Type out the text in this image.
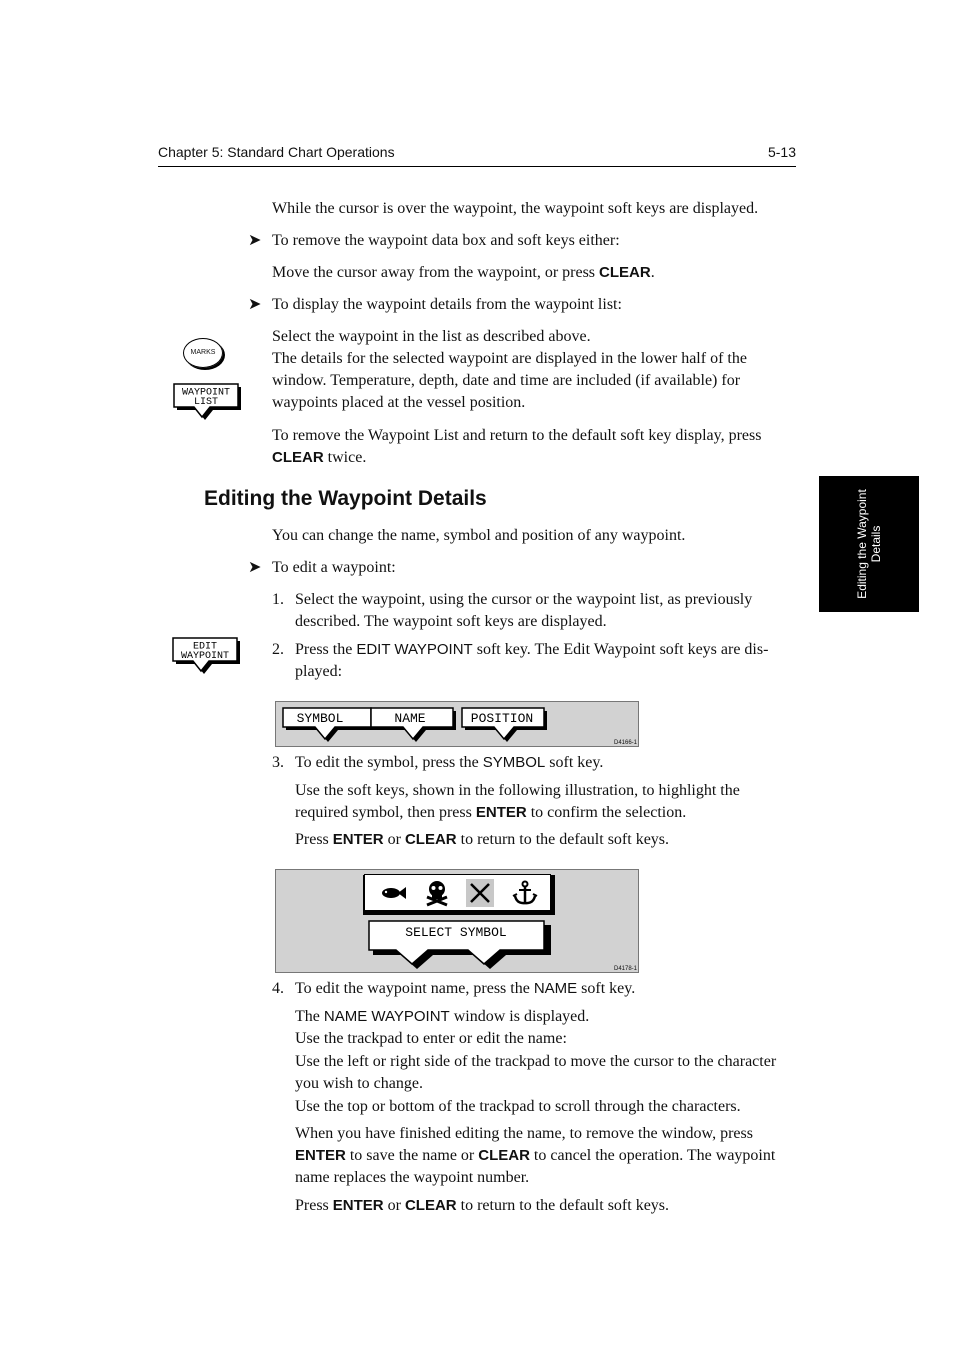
Chapter 5: Standard Chart Operations	5-13
Editing the Waypoint Details
While the cursor is over the waypoint, the waypoint soft keys are displayed.
➤ To remove the waypoint data box and soft keys either:
Move the cursor away from the waypoint, or press CLEAR.
➤ To display the waypoint details from the waypoint list:
MARKS
WAYPOINT
LIST
Select the waypoint in the list as described above.
The details for the selected waypoint are displayed in the lower half of the window. Temperature, depth, date and time are included (if available) for waypoints placed at the vessel position.
To remove the Waypoint List and return to the default soft key display, press CLEAR twice.
Editing the Waypoint Details
You can change the name, symbol and position of any waypoint.
➤ To edit a waypoint:
1. Select the waypoint, using the cursor or the waypoint list, as previously described. The waypoint soft keys are displayed.
EDIT
WAYPOINT	2. Press the EDIT WAYPOINT soft key. The Edit Waypoint soft keys are dis-played:
SYMBOL	NAME	POSITION
D4166-1
3. To edit the symbol, press the SYMBOL soft key.
Use the soft keys, shown in the following illustration, to highlight the required symbol, then press ENTER to confirm the selection.
Press ENTER or CLEAR to return to the default soft keys.
SELECT SYMBOL
D4178-1
4. To edit the waypoint name, press the NAME soft key.
The NAME WAYPOINT window is displayed.
Use the trackpad to enter or edit the name:
Use the left or right side of the trackpad to move the cursor to the character you wish to change.
Use the top or bottom of the trackpad to scroll through the characters.
When you have finished editing the name, to remove the window, press ENTER to save the name or CLEAR to cancel the operation. The waypoint name replaces the waypoint number.
Press ENTER or CLEAR to return to the default soft keys.
